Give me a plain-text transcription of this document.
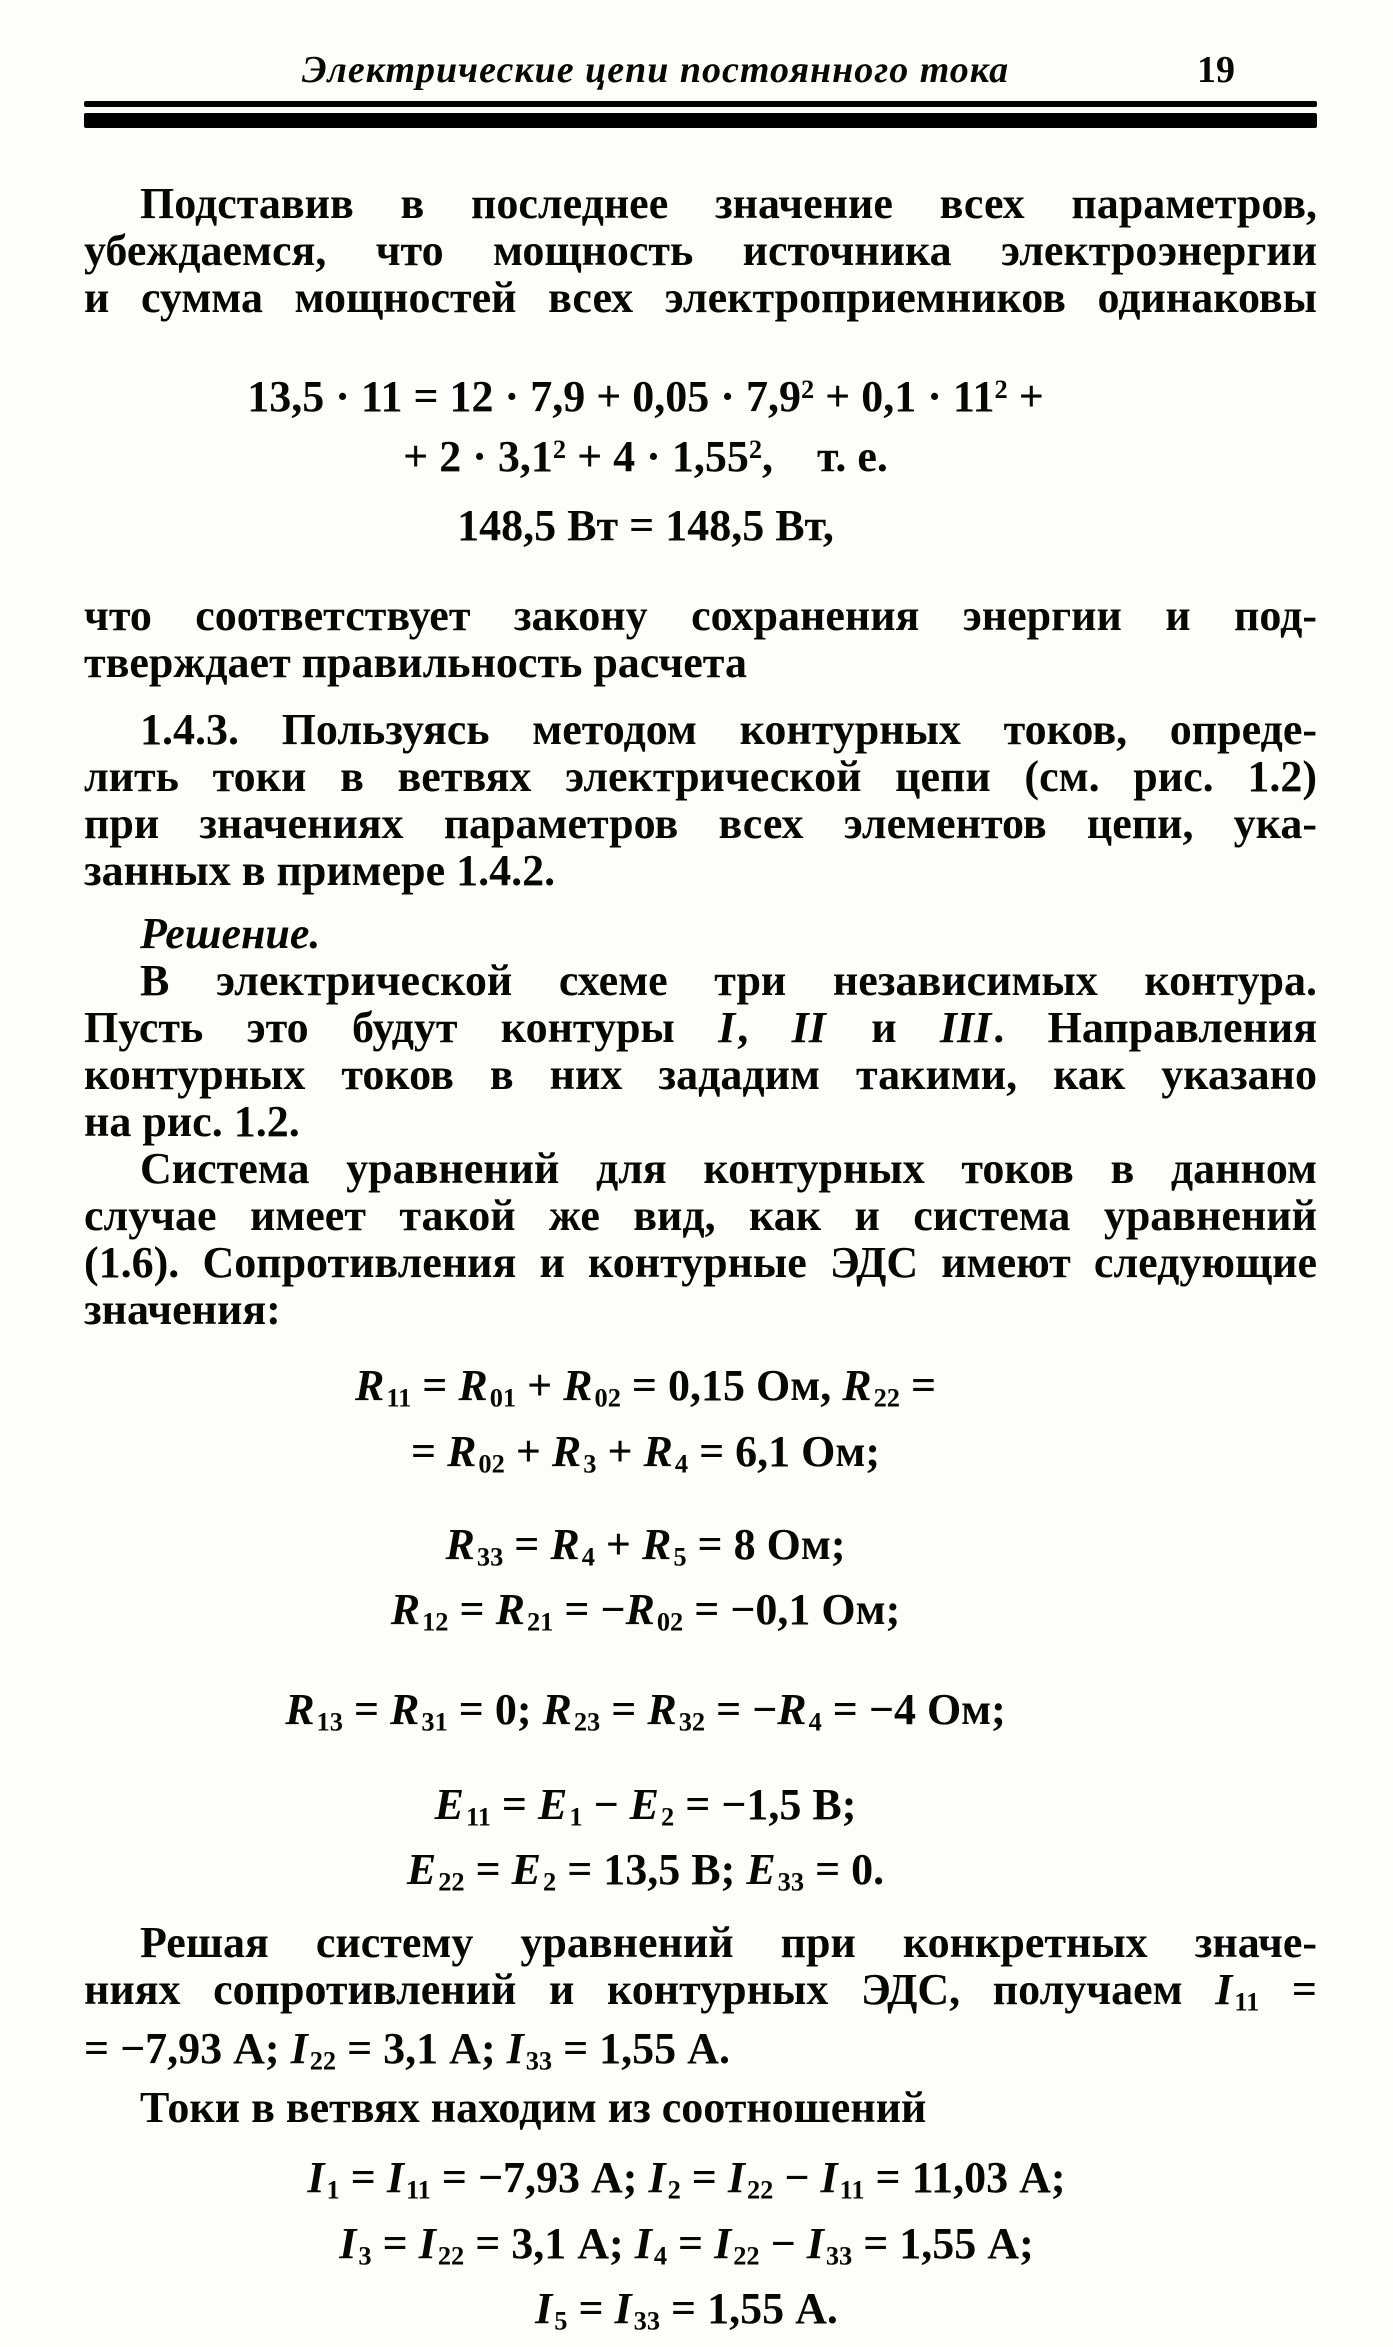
Электрические цепи постоянного тока	19
Подставив в последнее значение всех параметров,
убеждаемся, что мощность источника электроэнергии
и сумма мощностей всех электроприемников одинаковы
$13,5 \cdot 11 = 12 \cdot 7,9 + 0,05 \cdot 7,9^2 + 0,1 \cdot 11^2$ +
+ $2 \cdot 3,1^2 + 4 \cdot 1,55^2$, т. е.
148,5 Вт = 148,5 Вт,
что соответствует закону сохранения энергии и под-
тверждает правильность расчета
1.4.3. Пользуясь методом контурных токов, опреде-
лить токи в ветвях электрической цепи (см. рис. 1.2)
при значениях параметров всех элементов цепи, ука-
занных в примере 1.4.2.
Решение.
В электрической схеме три независимых контура.
Пусть это будут контуры I, II и III. Направления
контурных токов в них зададим такими, как указано
на рис. 1.2.
Система уравнений для контурных токов в данном
случае имеет такой же вид, как и система уравнений
(1.6). Сопротивления и контурные ЭДС имеют следующие
значения:
$R_{11} = R_{01} + R_{02} = 0,15$ Ом, $R_{22}$ =
= $R_{02} + R_3 + R_4 = 6,1$ Ом;
$R_{33} = R_4 + R_5 = 8$ Ом;
$R_{12} = R_{21} = -R_{02} = -0,1$ Ом;
$R_{13} = R_{31} = 0$; $R_{23} = R_{32} = -R_4 = -4$ Ом;
$E_{11} = E_1 - E_2 = -1,5$ В;
$E_{22} = E_2 = 13,5$ В; $E_{33} = 0$.
Решая систему уравнений при конкретных значе-
ниях сопротивлений и контурных ЭДС, получаем $I_{11}$ =
= −7,93 А; $I_{22} = 3,1$ А; $I_{33} = 1,55$ А.
Токи в ветвях находим из соотношений
$I_1 = I_{11} = -7,93$ А; $I_2 = I_{22} - I_{11} = 11,03$ А;
$I_3 = I_{22} = 3,1$ А; $I_4 = I_{22} - I_{33} = 1,55$ А;
$I_5 = I_{33} = 1,55$ А.
